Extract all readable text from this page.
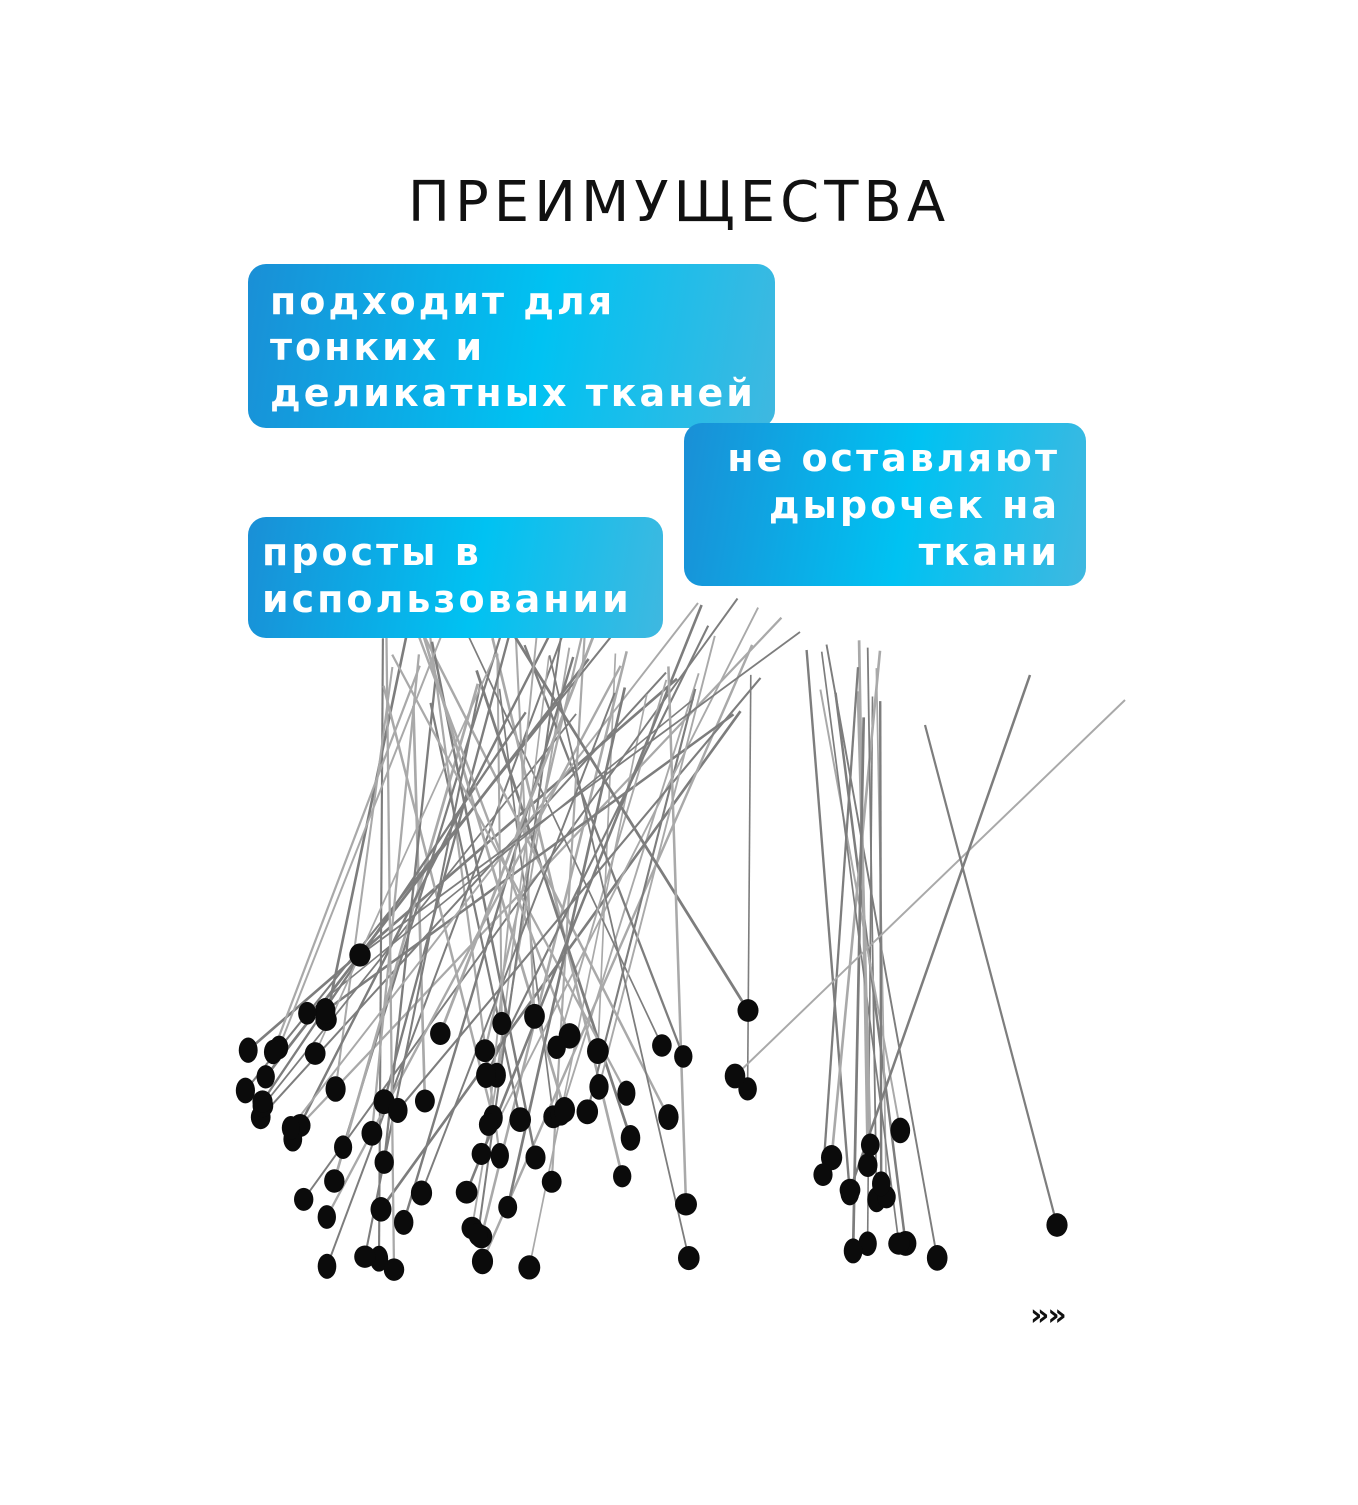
ПРЕИМУЩЕСТВА
подходит для
тонких и
деликатных тканей
не оставляют
дырочек на
ткани
просты в
использовании
»»
